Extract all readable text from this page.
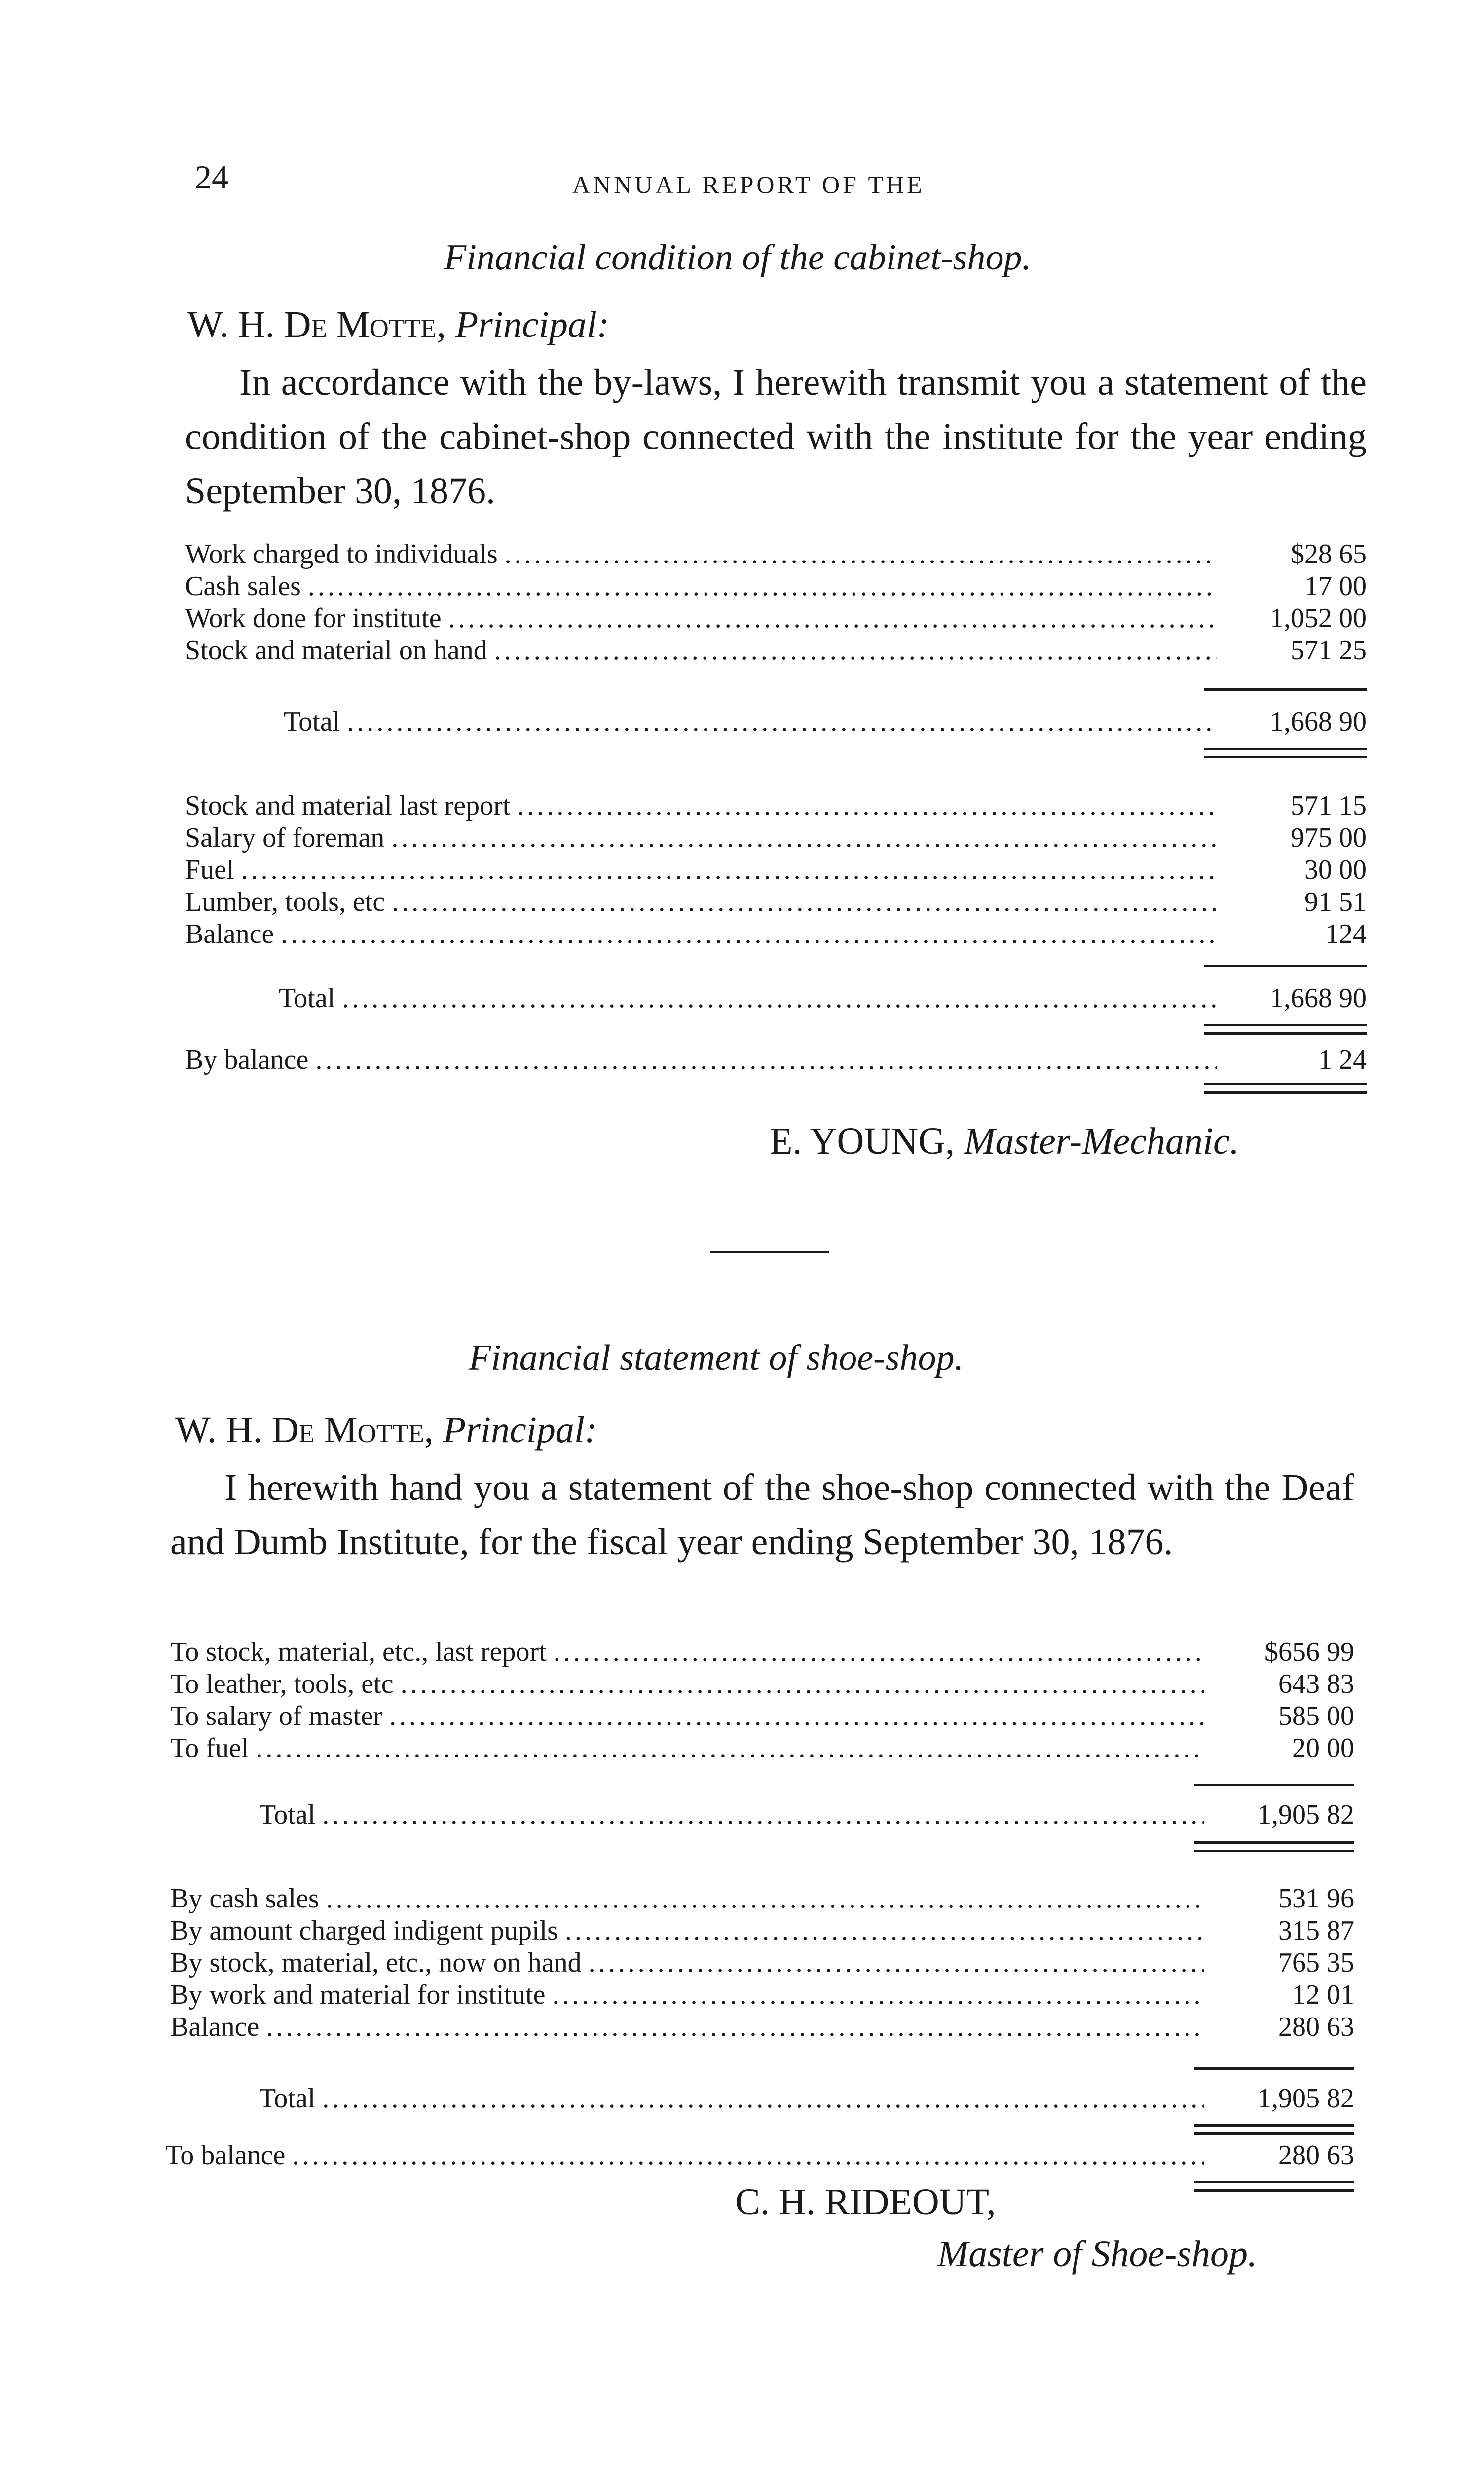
24	ANNUAL REPORT OF THE
Financial condition of the cabinet-shop.
W. H. De Motte, Principal:
In accordance with the by-laws, I herewith transmit you a statement of the condition of the cabinet-shop connected with the institute for the year ending September 30, 1876.
Work charged to individuals .....	$28 65
Cash sales .....	17 00
Work done for institute .....	1,052 00
Stock and material on hand .....	571 25
Total .....	1,668 90
Stock and material last report .....	571 15
Salary of foreman .....	975 00
Fuel .....	30 00
Lumber, tools, etc .....	91 51
Balance .....	124
Total .....	1,668 90
By balance .....	1 24
E. YOUNG, Master-Mechanic.
Financial statement of shoe-shop.
W. H. De Motte, Principal:
I herewith hand you a statement of the shoe-shop connected with the Deaf and Dumb Institute, for the fiscal year ending September 30, 1876.
To stock, material, etc., last report .....	$656 99
To leather, tools, etc .....	643 83
To salary of master .....	585 00
To fuel .....	20 00
Total .....	1,905 82
By cash sales .....	531 96
By amount charged indigent pupils .....	315 87
By stock, material, etc., now on hand .....	765 35
By work and material for institute .....	12 01
Balance .....	280 63
Total .....	1,905 82
To balance .....	280 63
C. H. RIDEOUT,
Master of Shoe-shop.
